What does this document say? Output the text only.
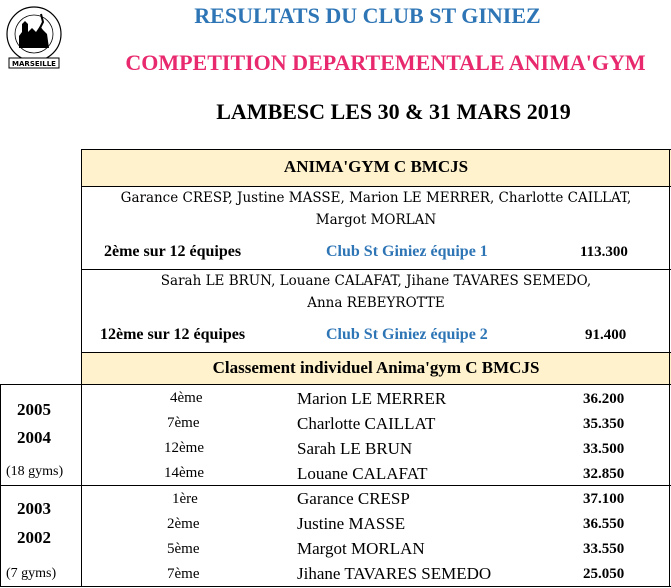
MARSEILLE
RESULTATS DU CLUB ST GINIEZ
COMPETITION DEPARTEMENTALE ANIMA'GYM
LAMBESC LES 30 & 31 MARS 2019
ANIMA'GYM C BMCJS
Garance CRESP, Justine MASSE, Marion LE MERRER, Charlotte CAILLAT,
Margot MORLAN
2ème sur 12 équipes	Club St Giniez équipe 1	113.300
Sarah LE BRUN, Louane CALAFAT, Jihane TAVARES SEMEDO,
Anna REBEYROTTE
12ème sur 12 équipes	Club St Giniez équipe 2	91.400
Classement individuel Anima'gym C BMCJS
2005
2004
(18 gyms)
4ème	Marion LE MERRER	36.200
7ème	Charlotte CAILLAT	35.350
12ème	Sarah LE BRUN	33.500
14ème	Louane CALAFAT	32.850
2003
2002
(7 gyms)
1ère	Garance CRESP	37.100
2ème	Justine MASSE	36.550
5ème	Margot MORLAN	33.550
7ème	Jihane TAVARES SEMEDO	25.050
